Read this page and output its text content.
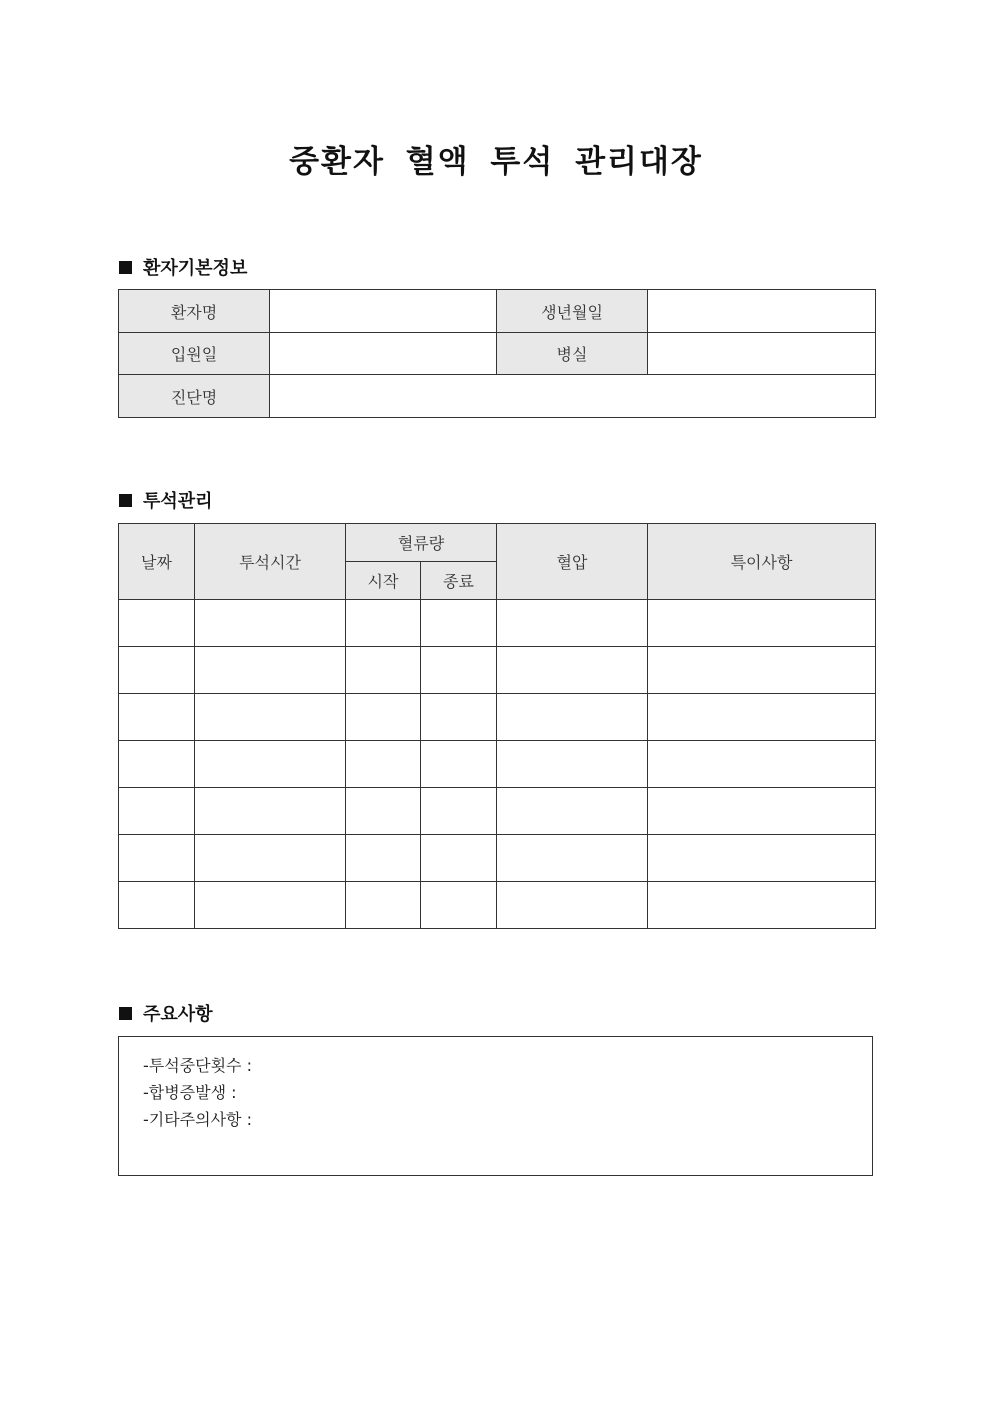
중환자 혈액 투석 관리대장
환자기본정보
환자명		생년월일	
입원일		병실	
진단명			
투석관리
날짜	투석시간	혈류량		혈압	특이사항
		시작	종료		

주요사항
-투석중단횟수 :
-합병증발생 :
-기타주의사항 :
